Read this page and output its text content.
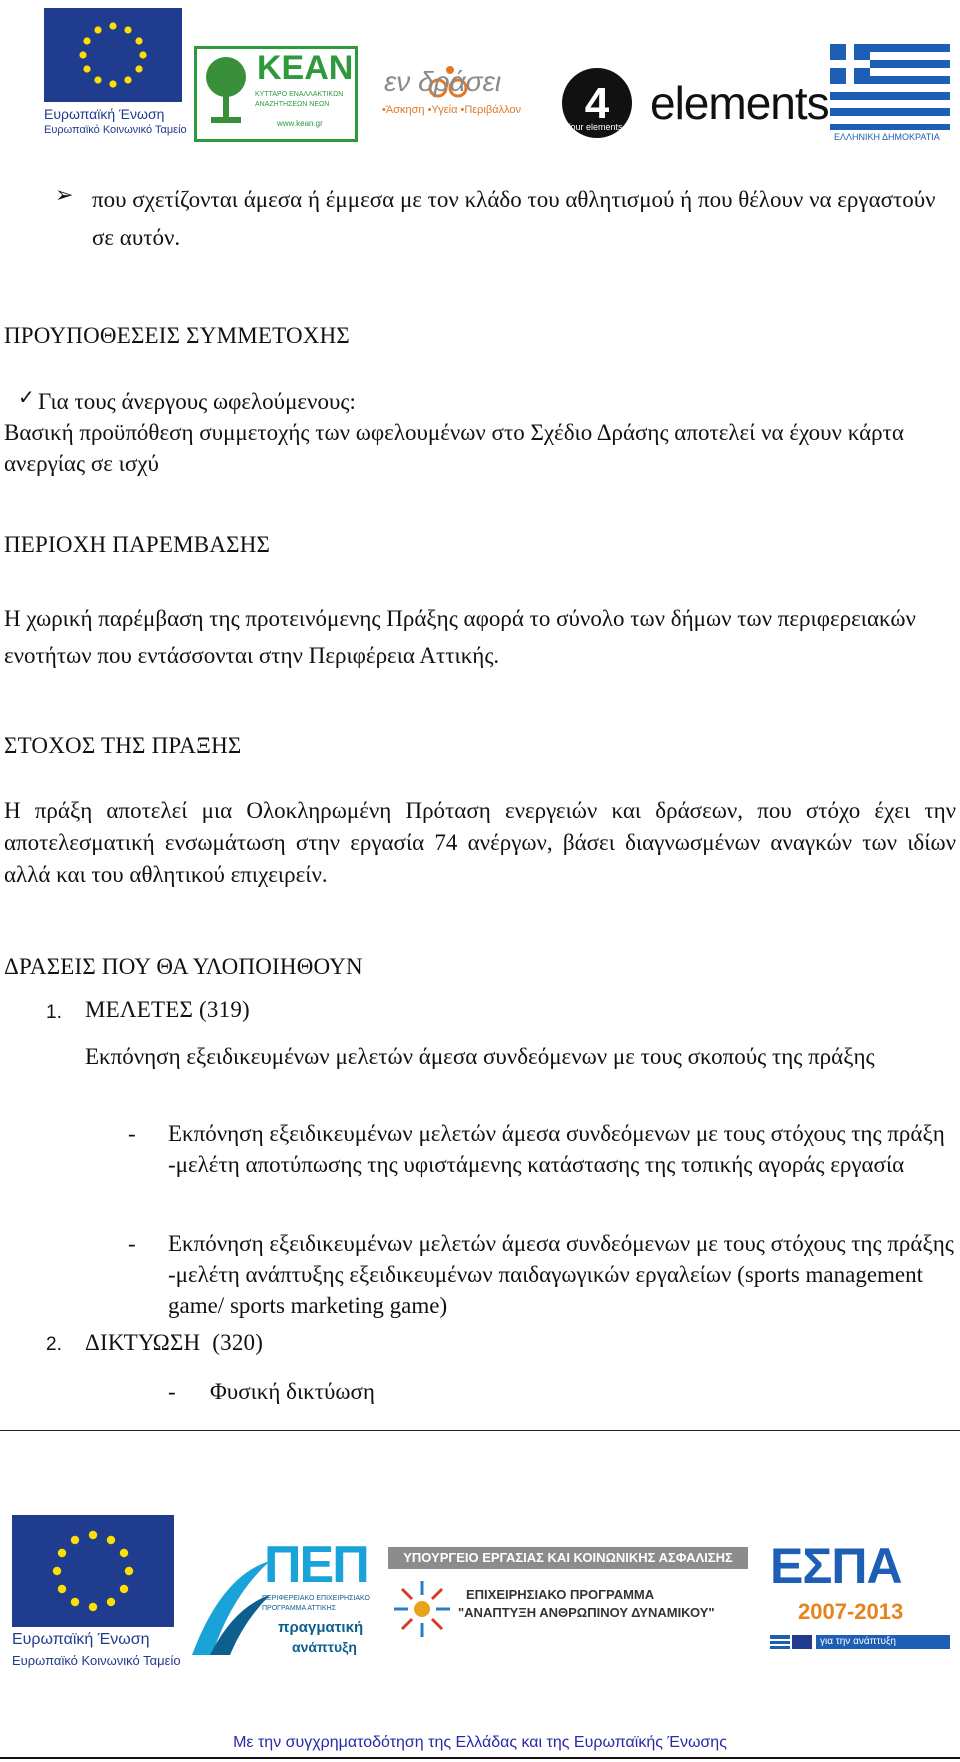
Ευρωπαϊκή Ένωση
Ευρωπαϊκό Κοινωνικό Ταμείο
ΚΕΑΝ
ΚΥΤΤΑΡΟ ΕΝΑΛΛΑΚΤΙΚΩΝ
ΑΝΑΖΗΤΗΣΕΩΝ ΝΕΩΝ
www.kean.gr
εν δράσει
•Άσκηση •Υγεία •Περιβάλλον 4
four elements elements
ΕΛΛΗΝΙΚΗ ΔΗΜΟΚΡΑΤΙΑ
➢ που σχετίζονται άμεσα ή έμμεσα με τον κλάδο του αθλητισμού ή που θέλουν να εργαστούν σε αυτόν.
ΠΡΟΥΠΟΘΕΣΕΙΣ ΣΥΜΜΕΤΟΧΗΣ
✓ Για τους άνεργους ωφελούμενους:
Βασική προϋπόθεση συμμετοχής των ωφελουμένων στο Σχέδιο Δράσης αποτελεί να έχουν κάρτα ανεργίας σε ισχύ
ΠΕΡΙΟΧΗ ΠΑΡΕΜΒΑΣΗΣ
Η χωρική παρέμβαση της προτεινόμενης Πράξης αφορά το σύνολο των δήμων των περιφερειακών ενοτήτων που εντάσσονται στην Περιφέρεια Αττικής.
ΣΤΟΧΟΣ ΤΗΣ ΠΡΑΞΗΣ
Η πράξη αποτελεί μια Ολοκληρωμένη Πρόταση ενεργειών και δράσεων, που στόχο έχει την αποτελεσματική ενσωμάτωση στην εργασία 74 ανέργων, βάσει διαγνωσμένων αναγκών των ιδίων αλλά και του αθλητικού επιχειρείν.
ΔΡΑΣΕΙΣ ΠΟΥ ΘΑ ΥΛΟΠΟΙΗΘΟΥΝ
1. ΜΕΛΕΤΕΣ (319)
Εκπόνηση εξειδικευμένων μελετών άμεσα συνδεόμενων με τους σκοπούς της πράξης
- Εκπόνηση εξειδικευμένων μελετών άμεσα συνδεόμενων με τους στόχους της πράξη -μελέτη αποτύπωσης της υφιστάμενης κατάστασης της τοπικής αγοράς εργασία
- Εκπόνηση εξειδικευμένων μελετών άμεσα συνδεόμενων με τους στόχους της πράξης -μελέτη ανάπτυξης εξειδικευμένων παιδαγωγικών εργαλείων (sports management game/ sports marketing game)
2. ΔΙΚΤΥΩΣΗ  (320)
- Φυσική δικτύωση
Ευρωπαϊκή Ένωση
Ευρωπαϊκό Κοινωνικό Ταμείο
ΠΕΠ
ΠΕΡΙΦΕΡΕΙΑΚΟ ΕΠΙΧΕΙΡΗΣΙΑΚΟ
ΠΡΟΓΡΑΜΜΑ ΑΤΤΙΚΗΣ
πραγματική
ανάπτυξη
ΥΠΟΥΡΓΕΙΟ ΕΡΓΑΣΙΑΣ ΚΑΙ ΚΟΙΝΩΝΙΚΗΣ ΑΣΦΑΛΙΣΗΣ
ΕΠΙΧΕΙΡΗΣΙΑΚΟ ΠΡΟΓΡΑΜΜΑ
"ΑΝΑΠΤΥΞΗ ΑΝΘΡΩΠΙΝΟΥ ΔΥΝΑΜΙΚΟΥ"
ΕΣΠΑ
2007-2013
για την ανάπτυξη
Με την συγχρηματοδότηση της Ελλάδας και της Ευρωπαϊκής Ένωσης
